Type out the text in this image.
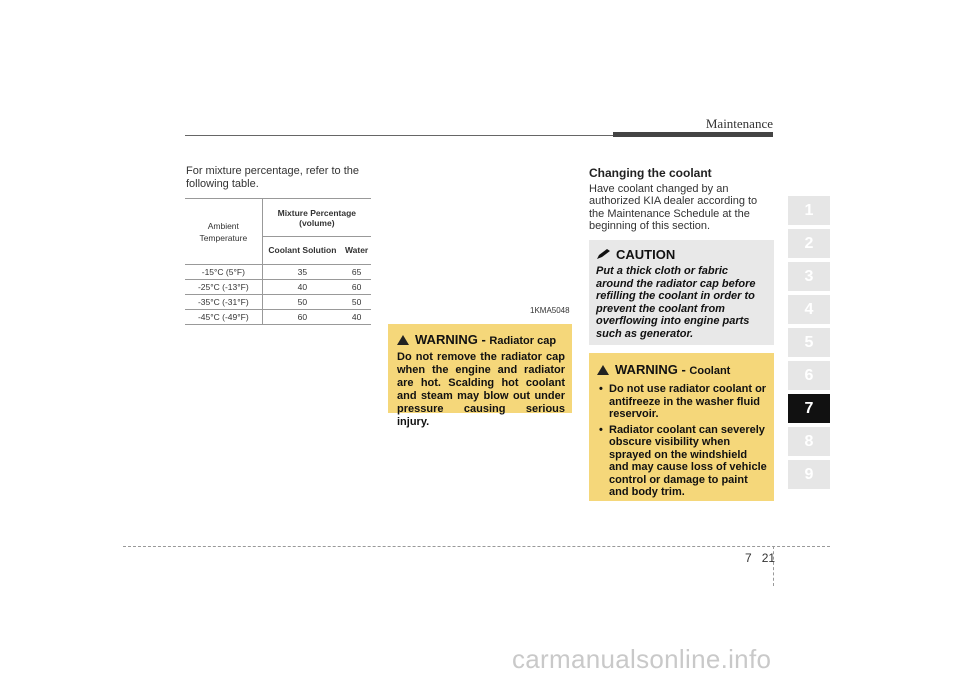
Maintenance
For mixture percentage, refer to the following table.
Ambient Temperature	Mixture Percentage (volume)	
	Coolant Solution	Water
-15°C (5°F)	35	65
-25°C (-13°F)	40	60
-35°C (-31°F)	50	50
-45°C (-49°F)	60	40
1KMA5048
WARNING - Radiator cap
Do not remove the radiator cap when the engine and radiator are hot. Scalding hot coolant and steam may blow out under pressure causing serious injury.
Changing the coolant
Have coolant changed by an authorized KIA dealer according to the Maintenance Schedule at the beginning of this section.
CAUTION
Put a thick cloth or fabric around the radiator cap before refilling the coolant in order to prevent the coolant from overflowing into engine parts such as generator.
WARNING - Coolant
• Do not use radiator coolant or antifreeze in the washer fluid reservoir.
• Radiator coolant can severely obscure visibility when sprayed on the windshield and may cause loss of vehicle control or damage to paint and body trim.
1
2
3
4
5
6
7
8
9
7 21
carmanualsonline.info
